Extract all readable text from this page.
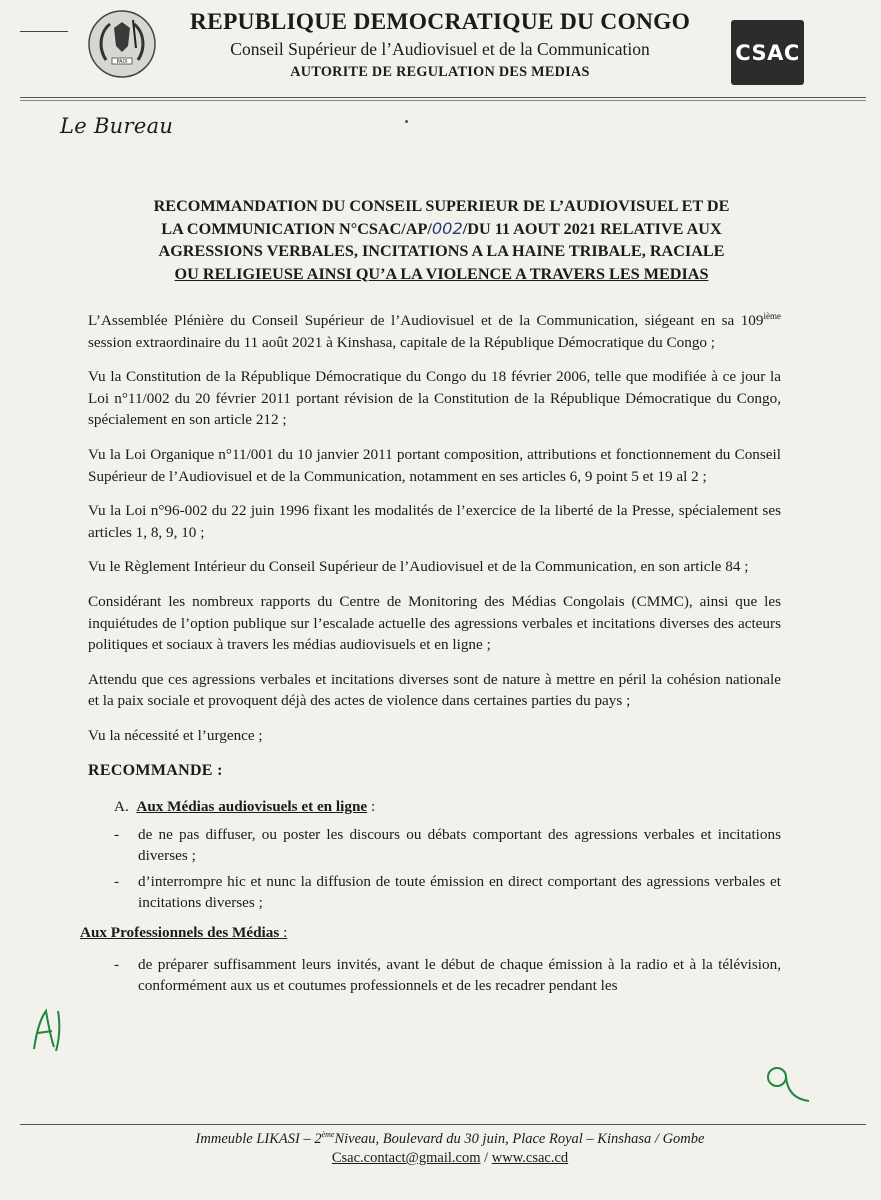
PAIX
REPUBLIQUE DEMOCRATIQUE DU CONGO
Conseil Supérieur de l’Audiovisuel et de la Communication
AUTORITE DE REGULATION DES MEDIAS
CSAC
Le Bureau
RECOMMANDATION DU CONSEIL SUPERIEUR DE L’AUDIOVISUEL ET DE
LA COMMUNICATION N°CSAC/AP/002/DU 11 AOUT 2021 RELATIVE AUX
AGRESSIONS VERBALES, INCITATIONS A LA HAINE TRIBALE, RACIALE
OU RELIGIEUSE AINSI QU’A LA VIOLENCE A TRAVERS LES MEDIAS

L’Assemblée Plénière du Conseil Supérieur de l’Audiovisuel et de la Communication, siégeant en sa 109ième session extraordinaire du 11 août 2021 à Kinshasa, capitale de la République Démocratique du Congo ;

Vu la Constitution de la République Démocratique du Congo du 18 février 2006, telle que modifiée à ce jour la Loi n°11/002 du 20 février 2011 portant révision de la Constitution de la République Démocratique du Congo, spécialement en son article 212 ;

Vu la Loi Organique n°11/001 du 10 janvier 2011 portant composition, attributions et fonctionnement du Conseil Supérieur de l’Audiovisuel et de la Communication, notamment en ses articles 6, 9 point 5 et 19 al 2 ;

Vu la Loi n°96-002 du 22 juin 1996 fixant les modalités de l’exercice de la liberté de la Presse, spécialement ses articles 1, 8, 9, 10 ;

Vu le Règlement Intérieur du Conseil Supérieur de l’Audiovisuel et de la Communication, en son article 84 ;

Considérant les nombreux rapports du Centre de Monitoring des Médias Congolais (CMMC), ainsi que les inquiétudes de l’option publique sur l’escalade actuelle des agressions verbales et incitations diverses des acteurs politiques et sociaux à travers les médias audiovisuels et en ligne ;

Attendu que ces agressions verbales et incitations diverses sont de nature à mettre en péril la cohésion nationale et la paix sociale et provoquent déjà des actes de violence dans certaines parties du pays ;

Vu la nécessité et l’urgence ;

RECOMMANDE :
A. Aux Médias audiovisuels et en ligne :
-	de ne pas diffuser, ou poster les discours ou débats comportant des agressions verbales et incitations diverses ;
-	d’interrompre hic et nunc la diffusion de toute émission en direct comportant des agressions verbales et incitations diverses ;
Aux Professionnels des Médias :
-	de préparer suffisamment leurs invités, avant le début de chaque émission à la radio et à la télévision, conformément aux us et coutumes professionnels et de les recadrer pendant les
Immeuble LIKASI – 2èmeNiveau, Boulevard du 30 juin, Place Royal – Kinshasa / Gombe
Csac.contact@gmail.com / www.csac.cd
